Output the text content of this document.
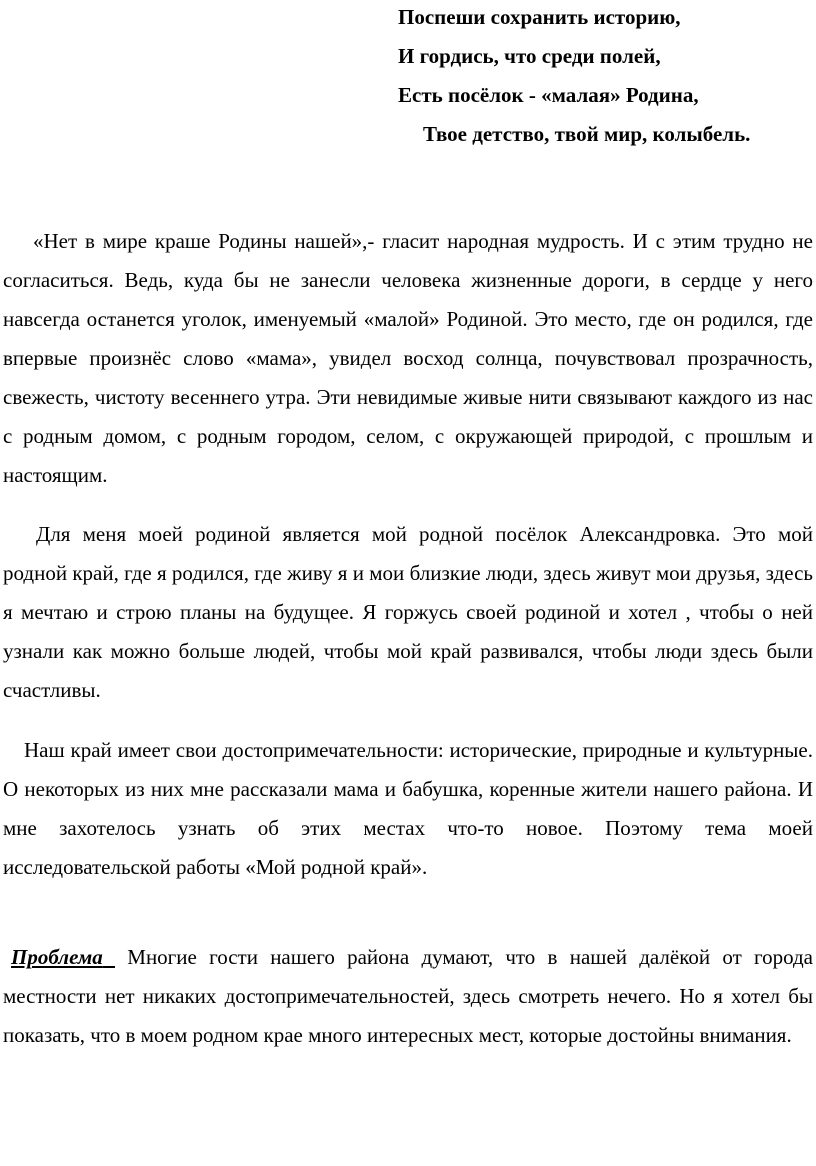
Поспеши сохранить историю,
И гордись, что среди полей,
Есть посёлок - «малая» Родина,
Твое детство, твой мир, колыбель.

«Нет в мире краше Родины нашей»,- гласит народная мудрость. И с этим трудно не согласиться. Ведь, куда бы не занесли человека жизненные дороги, в сердце у него навсегда останется уголок, именуемый «малой» Родиной. Это место, где он родился, где впервые произнёс слово «мама», увидел восход солнца, почувствовал прозрачность, свежесть, чистоту весеннего утра. Эти невидимые живые нити связывают каждого из нас с родным домом, с родным городом, селом, с окружающей природой, с прошлым и настоящим.

Для меня моей родиной является мой родной посёлок Александровка. Это мой родной край, где я родился, где живу я и мои близкие люди, здесь живут мои друзья, здесь я мечтаю и строю планы на будущее. Я горжусь своей родиной и хотел , чтобы о ней узнали как можно больше людей, чтобы мой край развивался, чтобы люди здесь были счастливы.

Наш край имеет свои достопримечательности: исторические, природные и культурные. О некоторых из них мне рассказали мама и бабушка, коренные жители нашего района. И мне захотелось узнать об этих местах что-то новое. Поэтому тема моей исследовательской работы «Мой родной край».

Проблема Многие гости нашего района думают, что в нашей далёкой от города местности нет никаких достопримечательностей, здесь смотреть нечего. Но я хотел бы показать, что в моем родном крае много интересных мест, которые достойны внимания.
